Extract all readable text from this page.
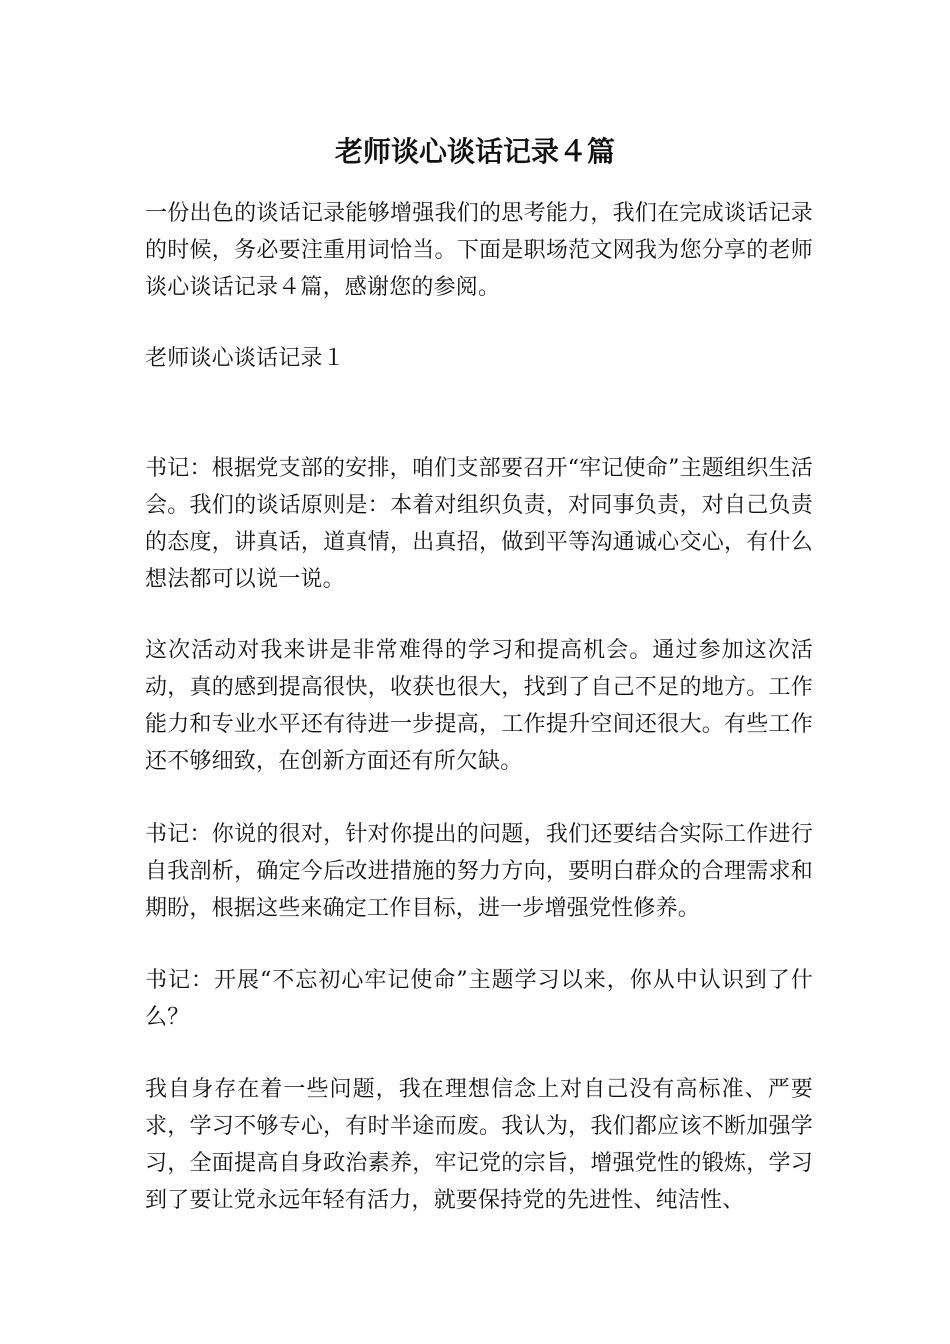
老师谈心谈话记录４篇

一份出色的谈话记录能够增强我们的思考能力，我们在完成谈话记录的时候，务必要注重用词恰当。下面是职场范文网我为您分享的老师谈心谈话记录４篇，感谢您的参阅。

老师谈心谈话记录１

书记：根据党支部的安排，咱们支部要召开“牢记使命”主题组织生活会。我们的谈话原则是：本着对组织负责，对同事负责，对自己负责的态度，讲真话，道真情，出真招，做到平等沟通诚心交心，有什么想法都可以说一说。

这次活动对我来讲是非常难得的学习和提高机会。通过参加这次活动，真的感到提高很快，收获也很大，找到了自己不足的地方。工作能力和专业水平还有待进一步提高，工作提升空间还很大。有些工作还不够细致，在创新方面还有所欠缺。

书记：你说的很对，针对你提出的问题，我们还要结合实际工作进行自我剖析，确定今后改进措施的努力方向，要明白群众的合理需求和期盼，根据这些来确定工作目标，进一步增强党性修养。

书记：开展“不忘初心牢记使命”主题学习以来，你从中认识到了什么？

我自身存在着一些问题，我在理想信念上对自己没有高标准、严要求，学习不够专心，有时半途而废。我认为，我们都应该不断加强学习，全面提高自身政治素养，牢记党的宗旨，增强党性的锻炼，学习到了要让党永远年轻有活力，就要保持党的先进性、纯洁性、
